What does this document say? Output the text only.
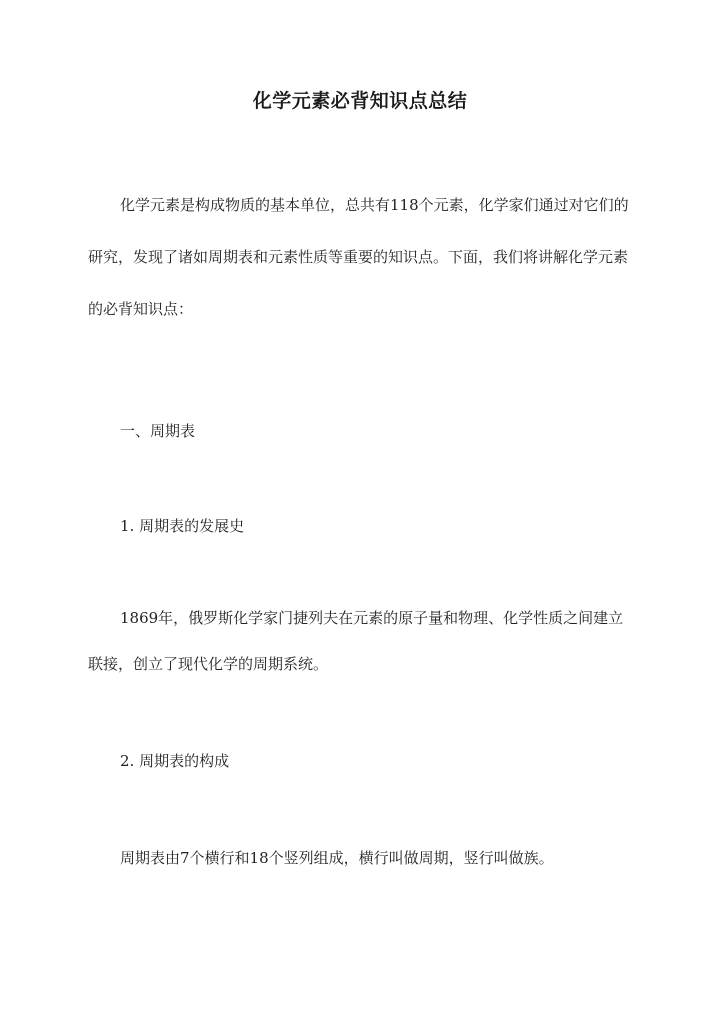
化学元素必背知识点总结

化学元素是构成物质的基本单位，总共有118个元素，化学家们通过对它们的研究，发现了诸如周期表和元素性质等重要的知识点。下面，我们将讲解化学元素的必背知识点：

一、周期表
1. 周期表的发展史

1869年，俄罗斯化学家门捷列夫在元素的原子量和物理、化学性质之间建立联接，创立了现代化学的周期系统。

2. 周期表的构成

周期表由7个横行和18个竖列组成，横行叫做周期，竖行叫做族。
